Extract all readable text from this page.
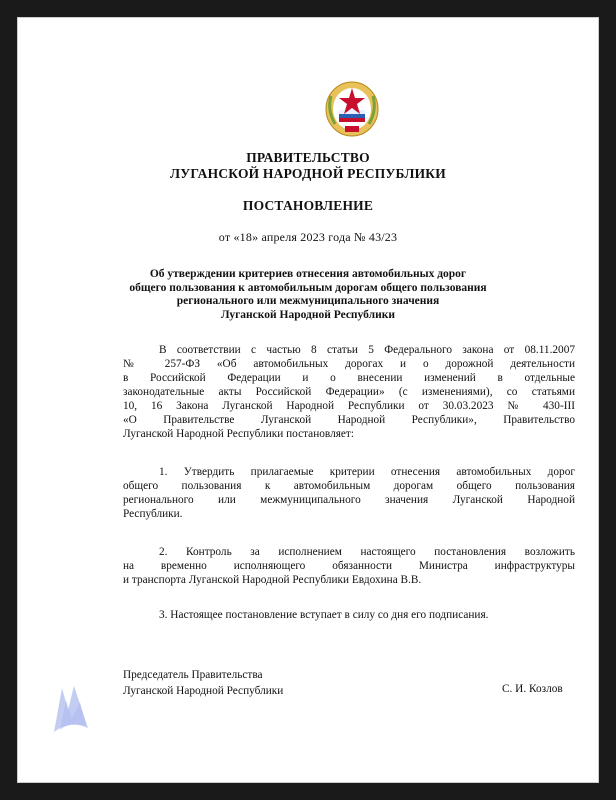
ПРАВИТЕЛЬСТВО
ЛУГАНСКОЙ НАРОДНОЙ РЕСПУБЛИКИ
ПОСТАНОВЛЕНИЕ
от «18» апреля 2023 года № 43/23
Об утверждении критериев отнесения автомобильных дорог
общего пользования к автомобильным дорогам общего пользования
регионального или межмуниципального значения
Луганской Народной Республики
В соответствии с частью 8 статьи 5 Федерального закона от 08.11.2007
№ 257-ФЗ «Об автомобильных дорогах и о дорожной деятельности
в Российской Федерации и о внесении изменений в отдельные
законодательные акты Российской Федерации» (с изменениями), со статьями
10, 16 Закона Луганской Народной Республики от 30.03.2023 № 430-III
«О Правительстве Луганской Народной Республики», Правительство
Луганской Народной Республики постановляет:
1. Утвердить прилагаемые критерии отнесения автомобильных дорог
общего пользования к автомобильным дорогам общего пользования
регионального или межмуниципального значения Луганской Народной
Республики.
2. Контроль за исполнением настоящего постановления возложить
на временно исполняющего обязанности Министра инфраструктуры
и транспорта Луганской Народной Республики Евдохина В.В.
3. Настоящее постановление вступает в силу со дня его подписания.
Председатель Правительства
Луганской Народной Республики	С. И. Козлов
